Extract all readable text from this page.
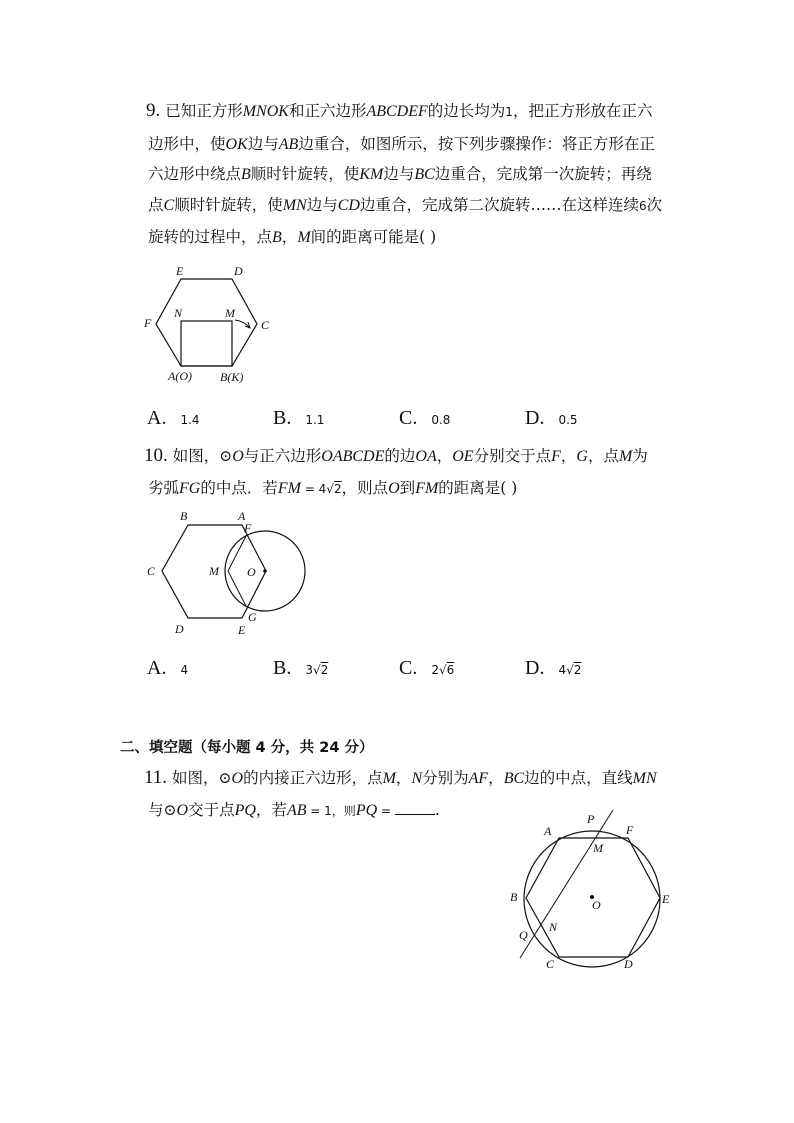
9. 已知正方形MNOK和正六边形ABCDEF的边长均为1，把正方形放在正六
边形中，使OK边与AB边重合，如图所示，按下列步骤操作：将正方形在正
六边形中绕点B顺时针旋转，使KM边与BC边重合，完成第一次旋转；再绕
点C顺时针旋转，使MN边与CD边重合，完成第二次旋转……在这样连续6次
旋转的过程中，点B，M间的距离可能是( )
E	D
F	C
N	M
A(O) B(K)
A. 1.4	B. 1.1	C. 0.8	D. 0.5
10. 如图，⊙O与正六边形OABCDE的边OA，OE分别交于点F，G，点M为
劣弧FG的中点．若FM = 4√2，则点O到FM的距离是( )
B	A
F
C	M O
D
G
E
A. 4	B. 3√2	C. 2√6	D. 4√2
二、填空题（每小题 4 分，共 24 分）
11. 如图，⊙O的内接正六边形，点M，N分别为AF，BC边的中点，直线MN
与⊙O交于点PQ，若AB = 1，则PQ =	.	P
A	F
M
B
O	E
Q
N
C	D
